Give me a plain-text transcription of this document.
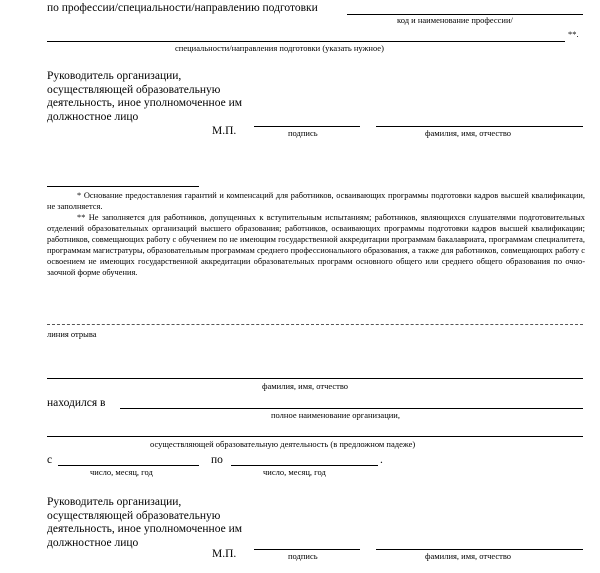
по профессии/специальности/направлению подготовки
код и наименование профессии/
**.
специальности/направления подготовки (указать нужное)
Руководитель организации, осуществляющей образовательную деятельность, иное уполномоченное им должностное лицо
М.П.	подпись	фамилия, имя, отчество
* Основание предоставления гарантий и компенсаций для работников, осваивающих программы подготовки кадров высшей квалификации, не заполняется.
** Не заполняется для работников, допущенных к вступительным испытаниям; работников, являющихся слушателями подготовительных отделений образовательных организаций высшего образования; работников, осваивающих программы подготовки кадров высшей квалификации; работников, совмещающих работу с обучением по не имеющим государственной аккредитации программам бакалавриата, программам специалитета, программам магистратуры, образовательным программам среднего профессионального образования, а также для работников, совмещающих работу с освоением не имеющих государственной аккредитации образовательных программ основного общего или среднего общего образования по очно-заочной форме обучения.
линия отрыва
фамилия, имя, отчество
находился в
полное наименование организации,
осуществляющей образовательную деятельность (в предложном падеже)
с
число, месяц, год
по
число, месяц, год
.
Руководитель организации, осуществляющей образовательную деятельность, иное уполномоченное им должностное лицо
М.П.	подпись	фамилия, имя, отчество
